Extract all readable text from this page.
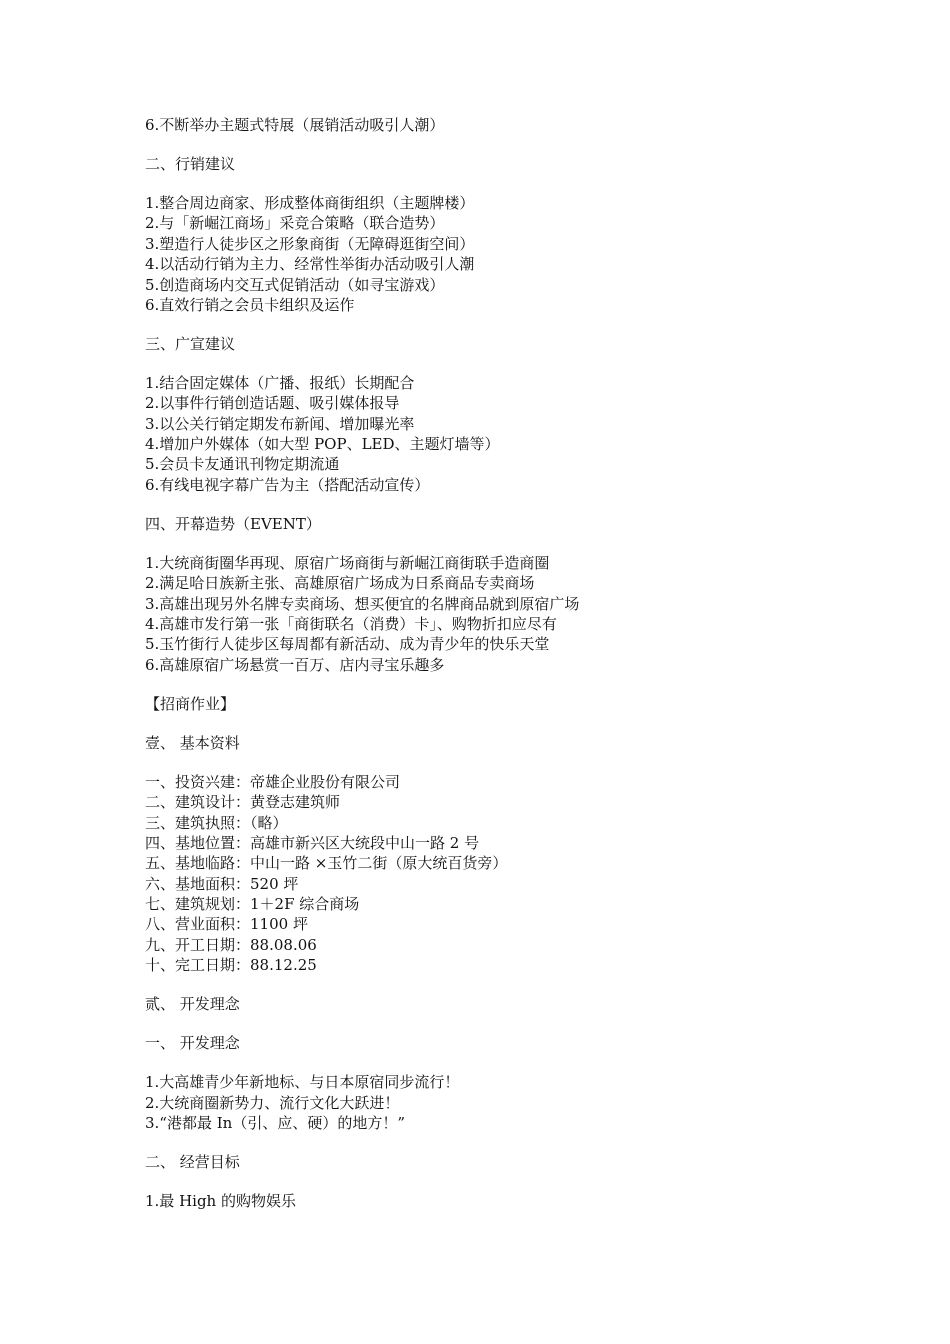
6.不断举办主题式特展（展销活动吸引人潮）
二、行销建议
1.整合周边商家、形成整体商街组织（主题牌楼）
2.与「新崛江商场」采竞合策略（联合造势）
3.塑造行人徒步区之形象商街（无障碍逛街空间）
4.以活动行销为主力、经常性举街办活动吸引人潮
5.创造商场内交互式促销活动（如寻宝游戏）
6.直效行销之会员卡组织及运作
三、广宣建议
1.结合固定媒体（广播、报纸）长期配合
2.以事件行销创造话题、吸引媒体报导
3.以公关行销定期发布新闻、增加曝光率
4.增加户外媒体（如大型 POP、LED、主题灯墙等）
5.会员卡友通讯刊物定期流通
6.有线电视字幕广告为主（搭配活动宣传）
四、开幕造势（EVENT）
1.大统商街圈华再现、原宿广场商街与新崛江商街联手造商圈
2.满足哈日族新主张、高雄原宿广场成为日系商品专卖商场
3.高雄出现另外名牌专卖商场、想买便宜的名牌商品就到原宿广场
4.高雄市发行第一张「商街联名（消费）卡」、购物折扣应尽有
5.玉竹街行人徒步区每周都有新活动、成为青少年的快乐天堂
6.高雄原宿广场悬赏一百万、店内寻宝乐趣多
【招商作业】
壹、 基本资料
一、投资兴建：帝雄企业股份有限公司
二、建筑设计：黄登志建筑师
三、建筑执照：（略）
四、基地位置：高雄市新兴区大统段中山一路 2 号
五、基地临路：中山一路 ×玉竹二街（原大统百货旁）
六、基地面积：520 坪
七、建筑规划：1＋2F 综合商场
八、营业面积：1100 坪
九、开工日期：88.08.06
十、完工日期：88.12.25
贰、 开发理念
一、 开发理念
1.大高雄青少年新地标、与日本原宿同步流行！
2.大统商圈新势力、流行文化大跃进！
3.“港都最 In（引、应、硬）的地方！”
二、 经营目标
1.最 High 的购物娱乐
